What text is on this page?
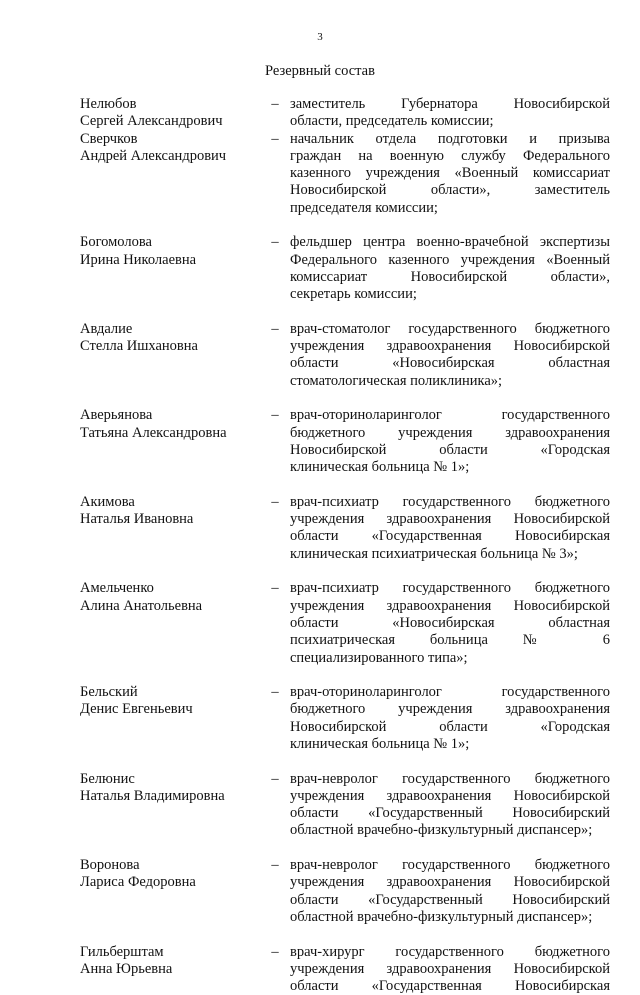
3
Резервный состав
Нелюбов
Сергей Александрович
– заместитель Губернатора Новосибирской
области, председатель комиссии;
Сверчков
Андрей Александрович
– начальник отдела подготовки и призыва
граждан на военную службу Федерального
казенного учреждения «Военный комиссариат
Новосибирской области», заместитель
председателя комиссии;
Богомолова
Ирина Николаевна
– фельдшер центра военно-врачебной экспертизы
Федерального казенного учреждения «Военный
комиссариат Новосибирской области»,
секретарь комиссии;
Авдалие
Стелла Ишхановна
– врач-стоматолог государственного бюджетного
учреждения здравоохранения Новосибирской
области «Новосибирская областная
стоматологическая поликлиника»;
Аверьянова
Татьяна Александровна
– врач-оториноларинголог государственного
бюджетного учреждения здравоохранения
Новосибирской области «Городская
клиническая больница № 1»;
Акимова
Наталья Ивановна
– врач-психиатр государственного бюджетного
учреждения здравоохранения Новосибирской
области «Государственная Новосибирская
клиническая психиатрическая больница № 3»;
Амельченко
Алина Анатольевна
– врач-психиатр государственного бюджетного
учреждения здравоохранения Новосибирской
области «Новосибирская областная
психиатрическая больница № 6
специализированного типа»;
Бельский
Денис Евгеньевич
– врач-оториноларинголог государственного
бюджетного учреждения здравоохранения
Новосибирской области «Городская
клиническая больница № 1»;
Белюнис
Наталья Владимировна
– врач-невролог государственного бюджетного
учреждения здравоохранения Новосибирской
области «Государственный Новосибирский
областной врачебно-физкультурный диспансер»;
Воронова
Лариса Федоровна
– врач-невролог государственного бюджетного
учреждения здравоохранения Новосибирской
области «Государственный Новосибирский
областной врачебно-физкультурный диспансер»;
Гильберштам
Анна Юрьевна
– врач-хирург государственного бюджетного
учреждения здравоохранения Новосибирской
области «Государственная Новосибирская
